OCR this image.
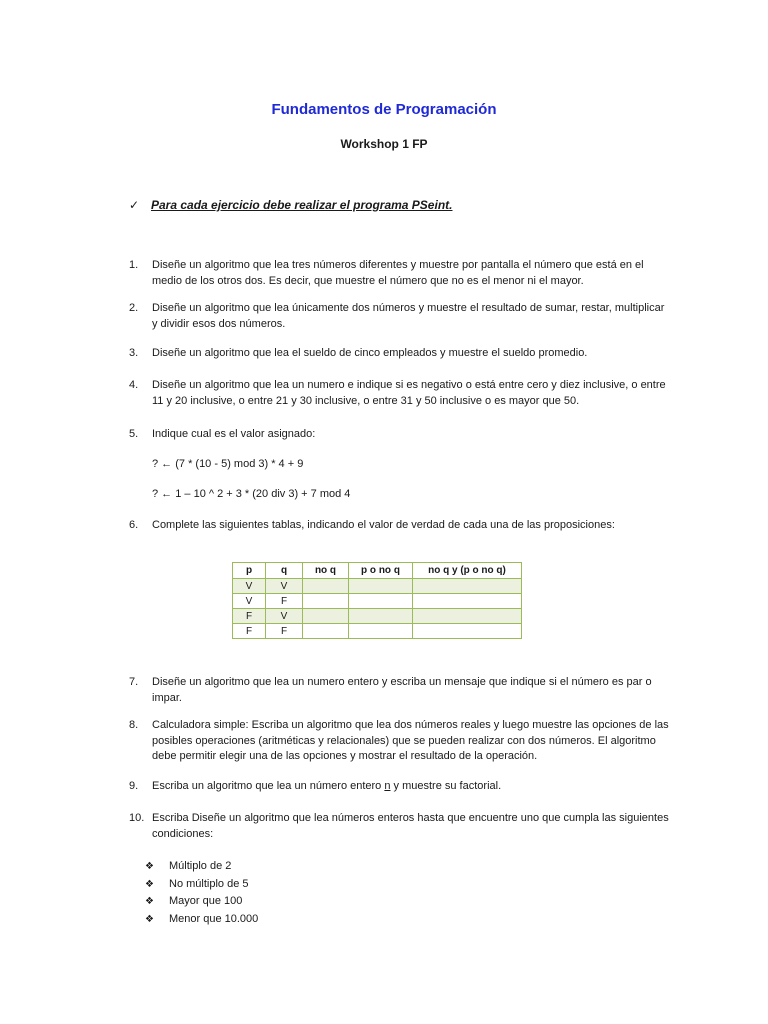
Fundamentos de Programación
Workshop 1 FP
✓ Para cada ejercicio debe realizar el programa PSeint.
1. Diseñe un algoritmo que lea tres números diferentes y muestre por pantalla el número que está en el medio de los otros dos. Es decir, que muestre el número que no es el menor ni el mayor.
2. Diseñe un algoritmo que lea únicamente dos números y muestre el resultado de sumar, restar, multiplicar y dividir esos dos números.
3. Diseñe un algoritmo que lea el sueldo de cinco empleados y muestre el sueldo promedio.
4. Diseñe un algoritmo que lea un numero e indique si es negativo o está entre cero y diez inclusive, o entre 11 y 20 inclusive, o entre 21 y 30 inclusive, o entre 31 y 50 inclusive o es mayor que 50.
5. Indique cual es el valor asignado:
? ← (7 * (10 - 5) mod 3) * 4 + 9
? ← 1 – 10 ^ 2 + 3 * (20 div 3) + 7 mod 4
6. Complete las siguientes tablas, indicando el valor de verdad de cada una de las proposiciones:
p	q	no q	p o no q	no q y (p o no q)
V	V			
V	F			
F	V			
F	F			
7. Diseñe un algoritmo que lea un numero entero y escriba un mensaje que indique si el número es par o impar.
8. Calculadora simple: Escriba un algoritmo que lea dos números reales y luego muestre las opciones de las posibles operaciones (aritméticas y relacionales) que se pueden realizar con dos números. El algoritmo debe permitir elegir una de las opciones y mostrar el resultado de la operación.
9. Escriba un algoritmo que lea un número entero n y muestre su factorial.
10. Escriba Diseñe un algoritmo que lea números enteros hasta que encuentre uno que cumpla las siguientes condiciones:
❖ Múltiplo de 2
❖ No múltiplo de 5
❖ Mayor que 100
❖ Menor que 10.000
